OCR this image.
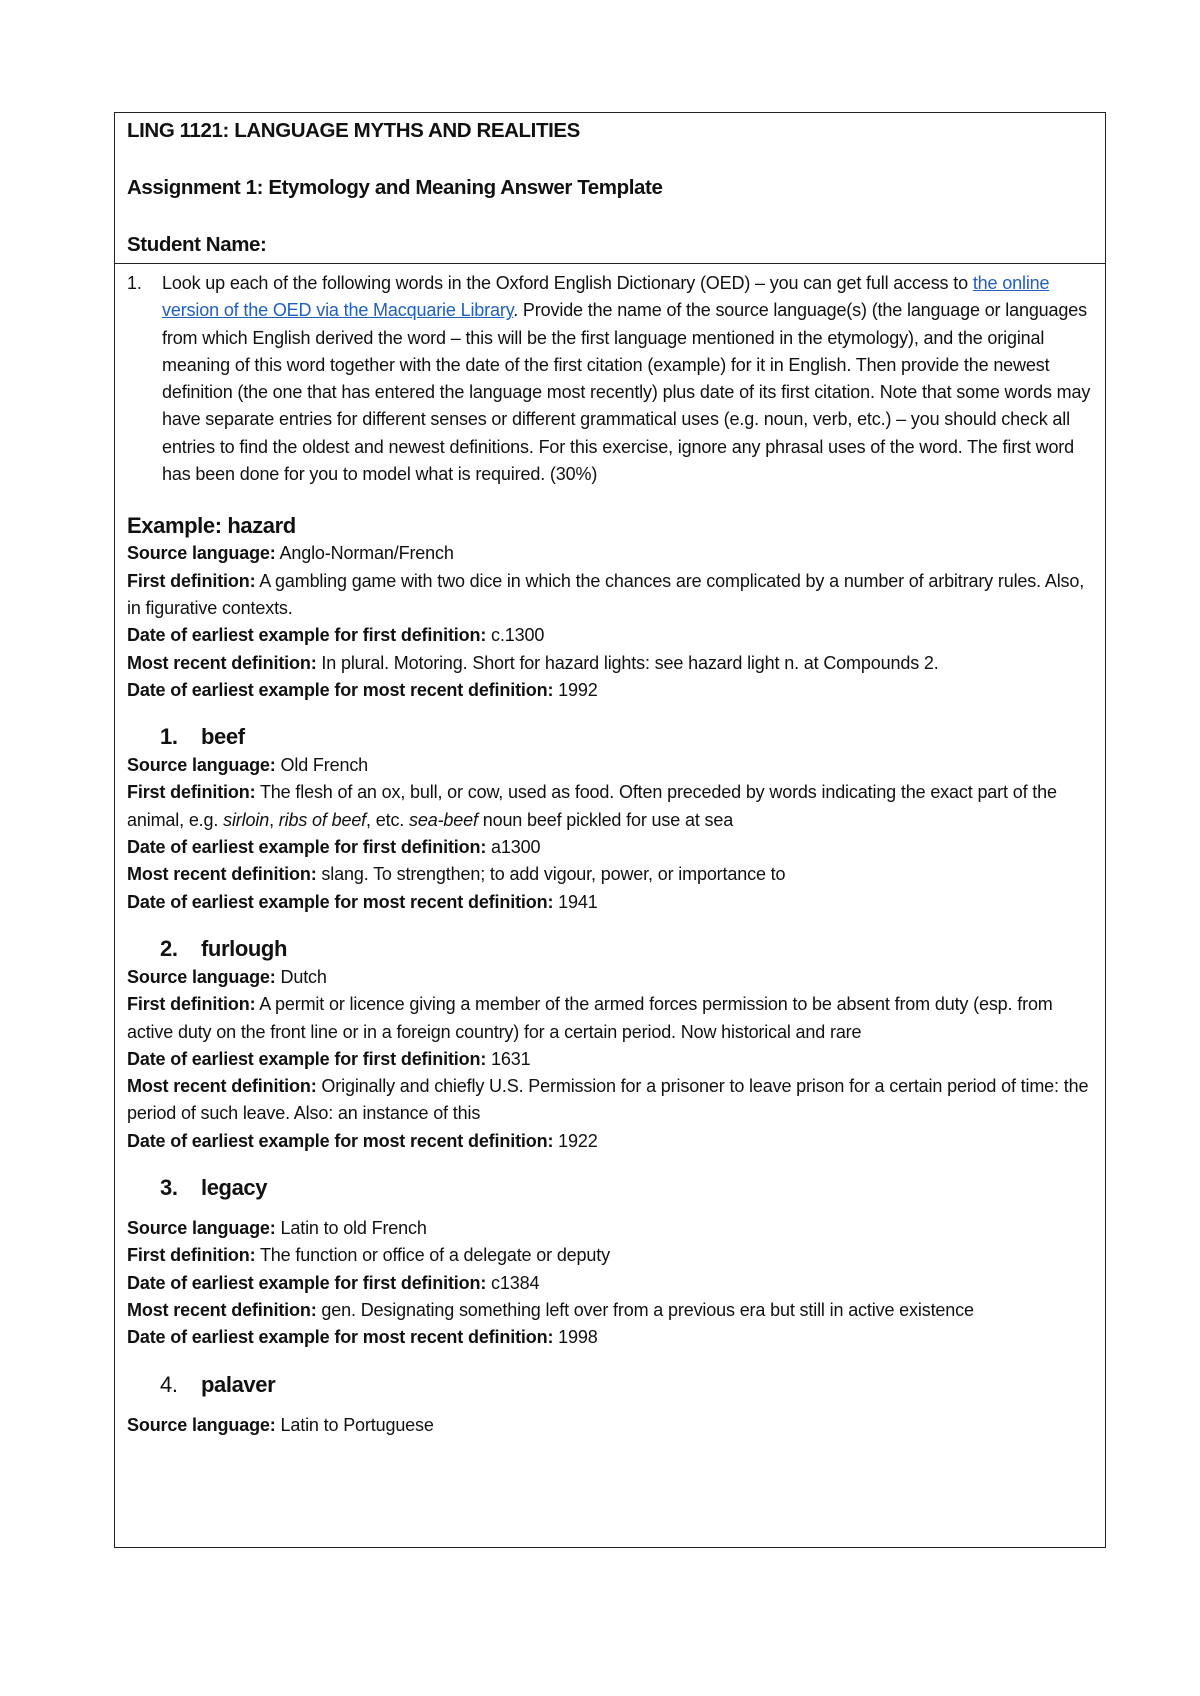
LING 1121: LANGUAGE MYTHS AND REALITIES
Assignment 1: Etymology and Meaning Answer Template
Student Name:
1.	Look up each of the following words in the Oxford English Dictionary (OED) – you can get full access to the online version of the OED via the Macquarie Library. Provide the name of the source language(s) (the language or languages from which English derived the word – this will be the first language mentioned in the etymology), and the original meaning of this word together with the date of the first citation (example) for it in English. Then provide the newest definition (the one that has entered the language most recently) plus date of its first citation. Note that some words may have separate entries for different senses or different grammatical uses (e.g. noun, verb, etc.) – you should check all entries to find the oldest and newest definitions. For this exercise, ignore any phrasal uses of the word. The first word has been done for you to model what is required. (30%)
Example: hazard
Source language: Anglo-Norman/French
First definition: A gambling game with two dice in which the chances are complicated by a number of arbitrary rules. Also, in figurative contexts.
Date of earliest example for first definition: c.1300
Most recent definition: In plural. Motoring. Short for hazard lights: see hazard light n. at Compounds 2.
Date of earliest example for most recent definition: 1992
1.	beef
Source language: Old French
First definition: The flesh of an ox, bull, or cow, used as food. Often preceded by words indicating the exact part of the animal, e.g. sirloin, ribs of beef, etc. sea-beef noun beef pickled for use at sea
Date of earliest example for first definition: a1300
Most recent definition: slang. To strengthen; to add vigour, power, or importance to
Date of earliest example for most recent definition: 1941
2.	furlough
Source language: Dutch
First definition: A permit or licence giving a member of the armed forces permission to be absent from duty (esp. from active duty on the front line or in a foreign country) for a certain period. Now historical and rare
Date of earliest example for first definition: 1631
Most recent definition: Originally and chiefly U.S. Permission for a prisoner to leave prison for a certain period of time: the period of such leave. Also: an instance of this
Date of earliest example for most recent definition: 1922
3.	legacy
Source language: Latin to old French
First definition: The function or office of a delegate or deputy
Date of earliest example for first definition: c1384
Most recent definition: gen. Designating something left over from a previous era but still in active existence
Date of earliest example for most recent definition: 1998
4.	palaver
Source language: Latin to Portuguese
